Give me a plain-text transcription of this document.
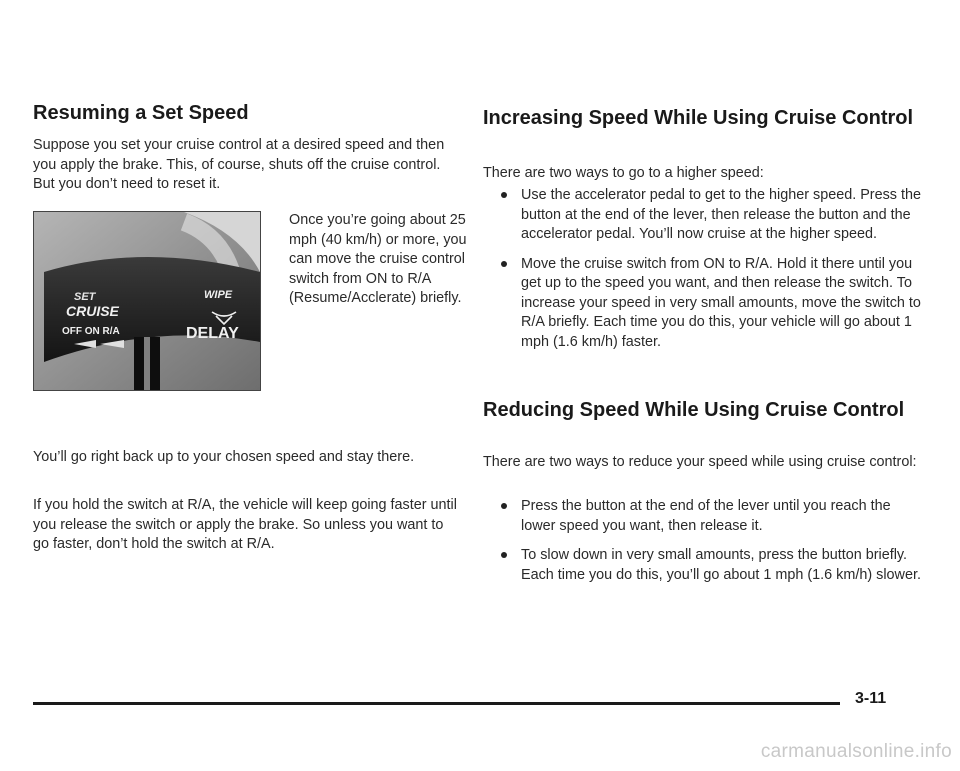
Resuming a Set Speed

Suppose you set your cruise control at a desired speed and then you apply the brake. This, of course, shuts off the cruise control. But you don’t need to reset it.

SET
CRUISE
OFF ON R/A
WIPE
DELAY

Once you’re going about 25 mph (40 km/h) or more, you can move the cruise control switch from ON to R/A (Resume/Acclerate) briefly.

You’ll go right back up to your chosen speed and stay there.

If you hold the switch at R/A, the vehicle will keep going faster until you release the switch or apply the brake. So unless you want to go faster, don’t hold the switch at R/A.

Increasing Speed While Using Cruise Control

There are two ways to go to a higher speed:

Use the accelerator pedal to get to the higher speed. Press the button at the end of the lever, then release the button and the accelerator pedal. You’ll now cruise at the higher speed.

Move the cruise switch from ON to R/A. Hold it there until you get up to the speed you want, and then release the switch. To increase your speed in very small amounts, move the switch to R/A briefly. Each time you do this, your vehicle will go about 1 mph (1.6 km/h) faster.

Reducing Speed While Using Cruise Control

There are two ways to reduce your speed while using cruise control:

Press the button at the end of the lever until you reach the lower speed you want, then release it.

To slow down in very small amounts, press the button briefly. Each time you do this, you’ll go about 1 mph (1.6 km/h) slower.

3-11
carmanualsonline.info
